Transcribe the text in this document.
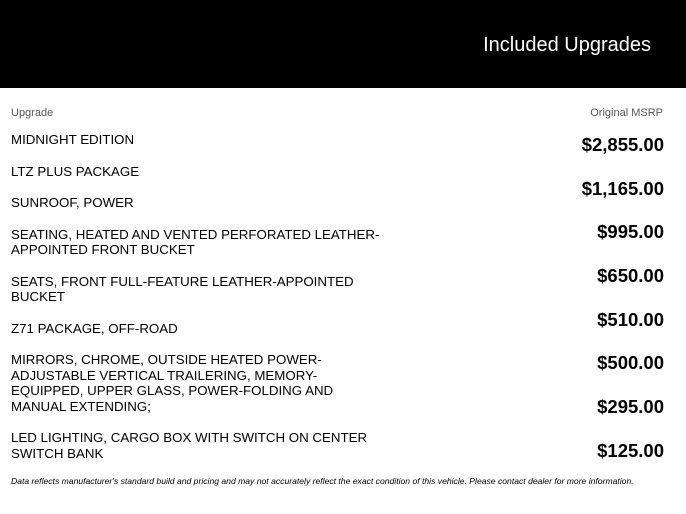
Included Upgrades
Upgrade	Original MSRP
MIDNIGHT EDITION
LTZ PLUS PACKAGE
SUNROOF, POWER
SEATING, HEATED AND VENTED PERFORATED LEATHER-APPOINTED FRONT BUCKET
SEATS, FRONT FULL-FEATURE LEATHER-APPOINTED BUCKET
Z71 PACKAGE, OFF-ROAD
MIRRORS, CHROME, OUTSIDE HEATED POWER-ADJUSTABLE VERTICAL TRAILERING, MEMORY-EQUIPPED, UPPER GLASS, POWER-FOLDING AND MANUAL EXTENDING;
LED LIGHTING, CARGO BOX WITH SWITCH ON CENTER SWITCH BANK
$2,855.00
$1,165.00
$995.00
$650.00
$510.00
$500.00
$295.00
$125.00
Data reflects manufacturer's standard build and pricing and may not accurately reflect the exact condition of this vehicle. Please contact dealer for more information.
